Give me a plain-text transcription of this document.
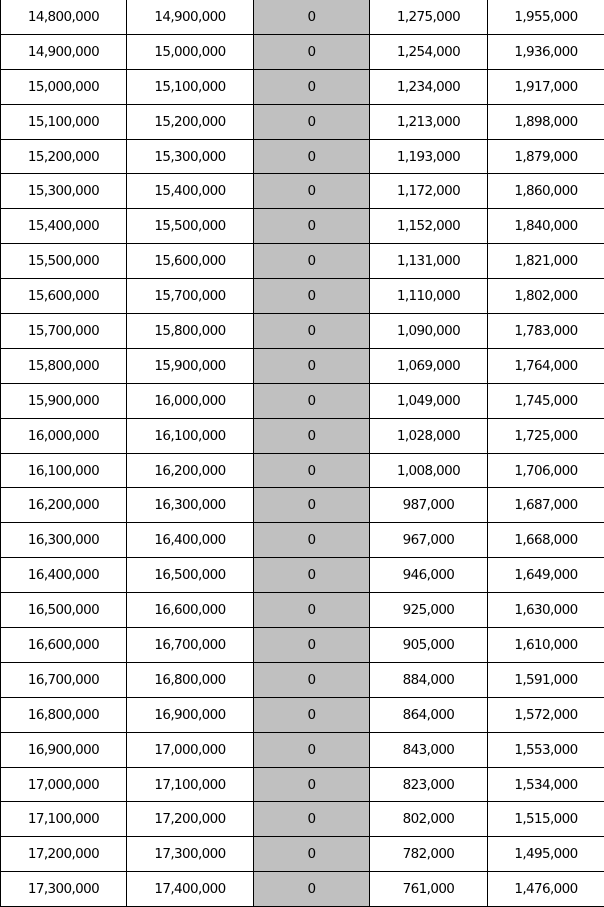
14,800,000	14,900,000	0	1,275,000	1,955,000
14,900,000	15,000,000	0	1,254,000	1,936,000
15,000,000	15,100,000	0	1,234,000	1,917,000
15,100,000	15,200,000	0	1,213,000	1,898,000
15,200,000	15,300,000	0	1,193,000	1,879,000
15,300,000	15,400,000	0	1,172,000	1,860,000
15,400,000	15,500,000	0	1,152,000	1,840,000
15,500,000	15,600,000	0	1,131,000	1,821,000
15,600,000	15,700,000	0	1,110,000	1,802,000
15,700,000	15,800,000	0	1,090,000	1,783,000
15,800,000	15,900,000	0	1,069,000	1,764,000
15,900,000	16,000,000	0	1,049,000	1,745,000
16,000,000	16,100,000	0	1,028,000	1,725,000
16,100,000	16,200,000	0	1,008,000	1,706,000
16,200,000	16,300,000	0	987,000	1,687,000
16,300,000	16,400,000	0	967,000	1,668,000
16,400,000	16,500,000	0	946,000	1,649,000
16,500,000	16,600,000	0	925,000	1,630,000
16,600,000	16,700,000	0	905,000	1,610,000
16,700,000	16,800,000	0	884,000	1,591,000
16,800,000	16,900,000	0	864,000	1,572,000
16,900,000	17,000,000	0	843,000	1,553,000
17,000,000	17,100,000	0	823,000	1,534,000
17,100,000	17,200,000	0	802,000	1,515,000
17,200,000	17,300,000	0	782,000	1,495,000
17,300,000	17,400,000	0	761,000	1,476,000
